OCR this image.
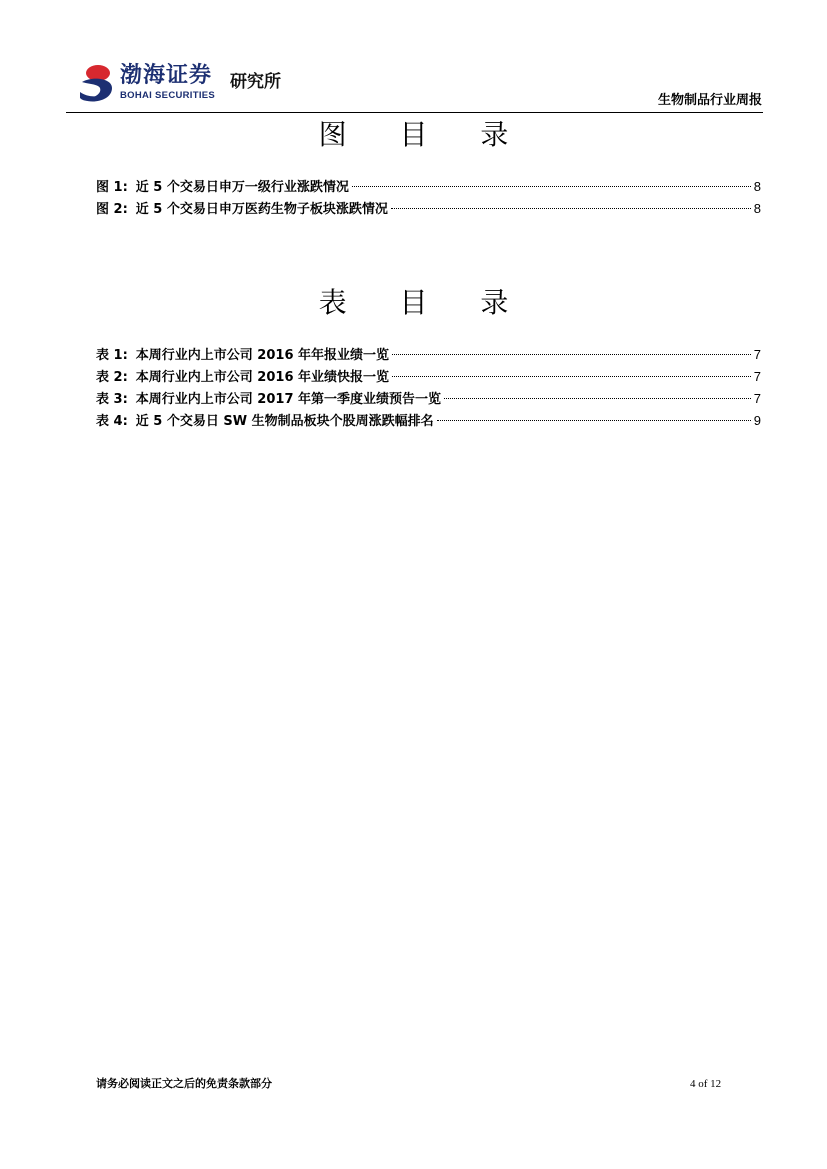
渤海证券
BOHAI SECURITIES
研究所
生物制品行业周报
图 目 录
图 1: 近 5 个交易日申万一级行业涨跌情况	8
图 2: 近 5 个交易日申万医药生物子板块涨跌情况	8
表 目 录
表 1: 本周行业内上市公司 2016 年年报业绩一览	7
表 2: 本周行业内上市公司 2016 年业绩快报一览	7
表 3: 本周行业内上市公司 2017 年第一季度业绩预告一览	7
表 4: 近 5 个交易日 SW 生物制品板块个股周涨跌幅排名	9
请务必阅读正文之后的免责条款部分	4 of 12
